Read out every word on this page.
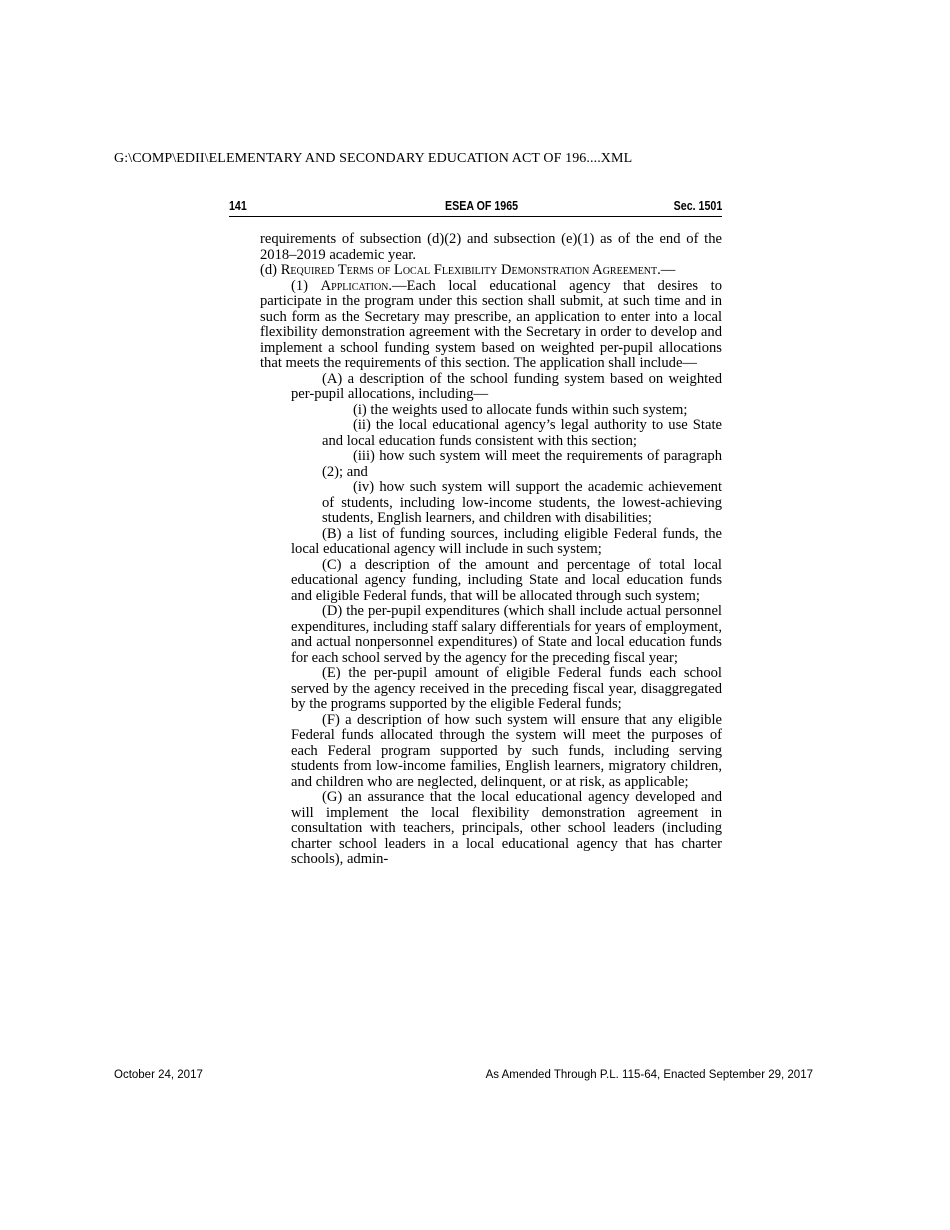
G:\COMP\EDII\ELEMENTARY AND SECONDARY EDUCATION ACT OF 196....XML
141	ESEA OF 1965	Sec. 1501

requirements of subsection (d)(2) and subsection (e)(1) as of the end of the 2018–2019 academic year.

(d) Required Terms of Local Flexibility Demonstration Agreement.—

(1) Application.—Each local educational agency that desires to participate in the program under this section shall submit, at such time and in such form as the Secretary may prescribe, an application to enter into a local flexibility demonstration agreement with the Secretary in order to develop and implement a school funding system based on weighted per-pupil allocations that meets the requirements of this section. The application shall include—

(A) a description of the school funding system based on weighted per-pupil allocations, including—

(i) the weights used to allocate funds within such system;

(ii) the local educational agency’s legal authority to use State and local education funds consistent with this section;

(iii) how such system will meet the requirements of paragraph (2); and

(iv) how such system will support the academic achievement of students, including low-income students, the lowest-achieving students, English learners, and children with disabilities;

(B) a list of funding sources, including eligible Federal funds, the local educational agency will include in such system;

(C) a description of the amount and percentage of total local educational agency funding, including State and local education funds and eligible Federal funds, that will be allocated through such system;

(D) the per-pupil expenditures (which shall include actual personnel expenditures, including staff salary differentials for years of employment, and actual nonpersonnel expenditures) of State and local education funds for each school served by the agency for the preceding fiscal year;

(E) the per-pupil amount of eligible Federal funds each school served by the agency received in the preceding fiscal year, disaggregated by the programs supported by the eligible Federal funds;

(F) a description of how such system will ensure that any eligible Federal funds allocated through the system will meet the purposes of each Federal program supported by such funds, including serving students from low-income families, English learners, migratory children, and children who are neglected, delinquent, or at risk, as applicable;

(G) an assurance that the local educational agency developed and will implement the local flexibility demonstration agreement in consultation with teachers, principals, other school leaders (including charter school leaders in a local educational agency that has charter schools), admin-

October 24, 2017	As Amended Through P.L. 115-64, Enacted September 29, 2017
